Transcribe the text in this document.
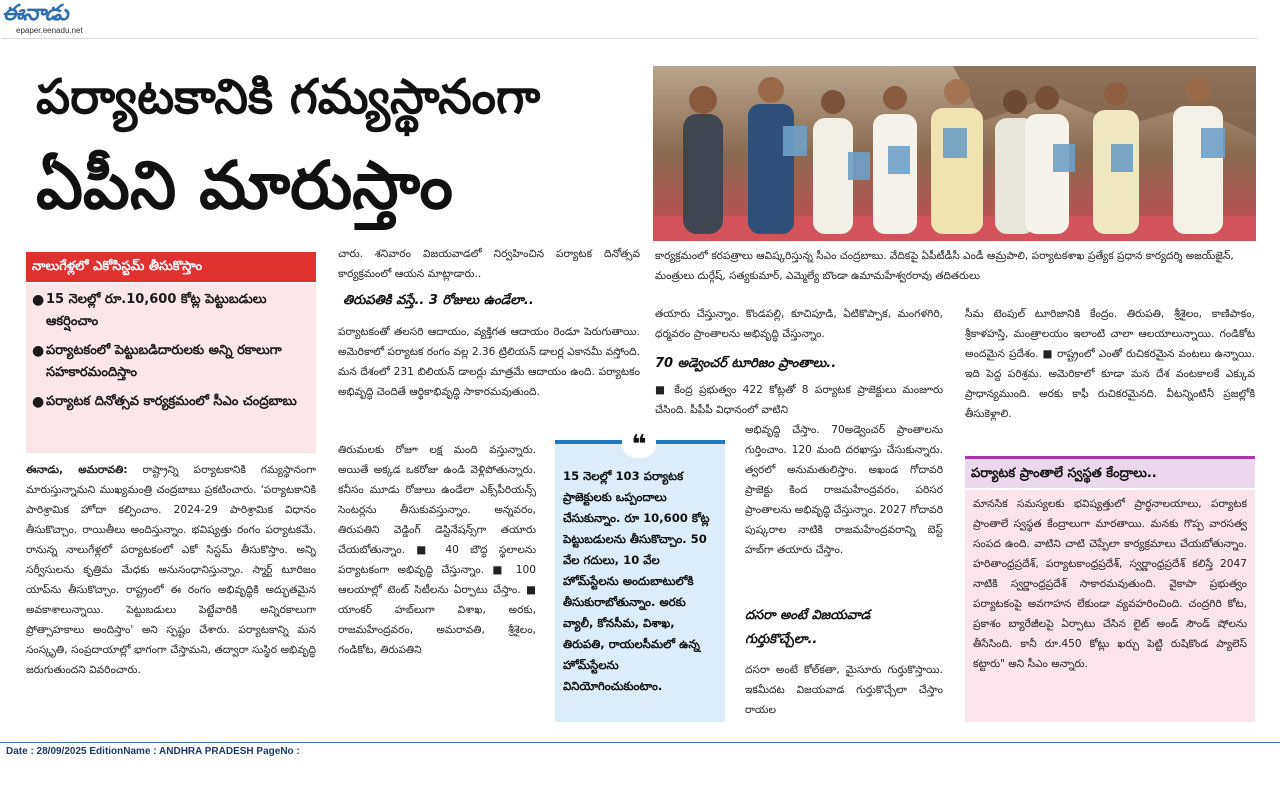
ఈనాడు
epaper.eenadu.net
పర్యాటకానికి గమ్యస్థానంగా
ఏపీని మారుస్తాం
కార్యక్రమంలో కరపత్రాలు ఆవిష్కరిస్తున్న సీఎం చంద్రబాబు. వేదికపై ఏపీటీడీసీ ఎండీ ఆమ్రపాలి, పర్యాటకశాఖ ప్రత్యేక ప్రధాన కార్యదర్శి అజయ్‌జైన్‌, మంత్రులు దుర్గేష్‌, సత్యకుమార్‌, ఎమ్మెల్యే బొండా ఉమామహేశ్వరరావు తదితరులు
నాలుగేళ్లలో ఎకోసిస్టమ్‌ తీసుకొస్తాం
● 15 నెలల్లో రూ.10,600 కోట్ల పెట్టుబడులు ఆకర్షించాం
● పర్యాటకంలో పెట్టుబడిదారులకు అన్ని రకాలుగా సహకారమందిస్తాం
● పర్యాటక దినోత్సవ కార్యక్రమంలో సీఎం చంద్రబాబు
ఈనాడు, అమరావతి: రాష్ట్రాన్ని పర్యాటకానికి గమ్యస్థానంగా మారుస్తున్నామని ముఖ్యమంత్రి చంద్రబాబు ప్రకటించారు. 'పర్యాటకానికి పారిశ్రామిక హోదా కల్పించాం. 2024-29 పారిశ్రామిక విధానం తీసుకొచ్చాం. రాయితీలు అందిస్తున్నాం. భవిష్యత్తు రంగం పర్యాటకమే. రానున్న నాలుగేళ్లలో పర్యాటకంలో ఎకో సిస్టమ్‌ తీసుకొస్తాం. అన్ని సర్వీసులను కృత్రిమ మేధకు అనుసంధానిస్తున్నాం. స్మార్ట్‌ టూరిజం యాప్‌ను తీసుకొచ్చాం. రాష్ట్రంలో ఈ రంగం అభివృద్ధికి అద్భుతమైన అవకాశాలున్నాయి. పెట్టుబడులు పెట్టేవారికి అన్నిరకాలుగా ప్రోత్సాహకాలు అందిస్తాం' అని స్పష్టం చేశారు. పర్యాటకాన్ని మన సంస్కృతి, సంప్రదాయాల్లో భాగంగా చేస్తామని, తద్వారా సుస్థిర అభివృద్ధి జరుగుతుందని వివరించారు.
చారు. శనివారం విజయవాడలో నిర్వహించిన పర్యాటక దినోత్సవ కార్యక్రమంలో ఆయన మాట్లాడారు..
తిరుపతికి వస్తే.. 3 రోజులు ఉండేలా..
పర్యాటకంతో తలసరి ఆదాయం, వ్యక్తిగత ఆదాయం రెండూ పెరుగుతాయి. అమెరికాలో పర్యాటక రంగం వల్ల 2.36 ట్రిలియన్‌ డాలర్ల ఎకానమీ వస్తోంది. మన దేశంలో 231 బిలియన్‌ డాలర్లు మాత్రమే ఆదాయం ఉంది. పర్యాటకం అభివృద్ధి చెందితే ఆర్థికాభివృద్ధి సాకారమవుతుంది.
తిరుమలకు రోజూ లక్ష మంది వస్తున్నారు. అయితే అక్కడ ఒకరోజు ఉండి వెళ్లిపోతున్నారు. కనీసం మూడు రోజులు ఉండేలా ఎక్స్‌పీరియన్స్‌ సెంటర్లను తీసుకువస్తున్నాం. అన్నవరం, తిరుపతిని వెడ్డింగ్‌ డెస్టినేషన్స్‌గా తయారు చేయబోతున్నాం. ■ 40 బౌద్ధ స్థలాలను పర్యాటకంగా అభివృద్ధి చేస్తున్నాం. ■ 100 ఆలయాల్లో టెంట్‌ సిటీలను ఏర్పాటు చేస్తాం. ■ యాంకర్‌ హబ్‌లుగా విశాఖ, అరకు, రాజమహేంద్రవరం, అమరావతి, శ్రీశైలం, గండికోట, తిరుపతిని
15 నెలల్లో 103 పర్యాటక ప్రాజెక్టులకు ఒప్పందాలు చేసుకున్నాం. రూ 10,600 కోట్ల పెట్టుబడులను తీసుకొచ్చాం. 50 వేల గదులు, 10 వేల హోమ్‌స్టేలను అందుబాటులోకి తీసుకురాబోతున్నాం. అరకు వ్యాలీ, కోనసీమ, విశాఖ, తిరుపతి, రాయలసీమలో ఉన్న హోమ్‌స్టేలను వినియోగించుకుంటాం.
❝
తయారు చేస్తున్నాం. కొండపల్లి, కూచిపూడి, ఏటికొప్పాక, మంగళగిరి, ధర్మవరం ప్రాంతాలను అభివృద్ధి చేస్తున్నాం.
70 అడ్వెంచర్‌ టూరిజం ప్రాంతాలు..
■ కేంద్ర ప్రభుత్వం 422 కోట్లతో 8 పర్యాటక ప్రాజెక్టులు మంజూరు చేసింది. పీపీపీ విధానంలో వాటిని
అభివృద్ధి చేస్తాం. 70అడ్వెంచర్‌ ప్రాంతాలను గుర్తించాం. 120 మంది దరఖాస్తు చేసుకున్నారు. త్వరలో అనుమతులిస్తాం. అఖండ గోదావరి ప్రాజెక్టు కింద రాజమహేంద్రవరం, పరిసర ప్రాంతాలను అభివృద్ధి చేస్తున్నాం. 2027 గోదావరి పుష్కరాల నాటికి రాజమహేంద్రవరాన్ని బెస్ట్‌ హబ్‌గా తయారు చేస్తాం.
దసరా అంటే విజయవాడ గుర్తుకొచ్చేలా..
దసరా అంటే కోల్‌కతా, మైసూరు గుర్తుకొస్తాయి. ఇకమీదట విజయవాడ గుర్తుకొచ్చేలా చేస్తాం రాయల
సీమ టెంపుల్‌ టూరిజానికి కేంద్రం. తిరుపతి, శ్రీశైలం, కాణిపాకం, శ్రీకాళహస్తి, మంత్రాలయం ఇలాంటి చాలా ఆలయాలున్నాయి. గండికోట అందమైన ప్రదేశం. ■ రాష్ట్రంలో ఎంతో రుచికరమైన వంటలు ఉన్నాయి. ఇది పెద్ద పరిశ్రమ. అమెరికాలో కూడా మన దేశ వంటకాలకే ఎక్కువ ప్రాధాన్యముంది. అరకు కాఫీ రుచికరమైనది. వీటన్నింటినీ ప్రజల్లోకి తీసుకెళ్లాలి.
పర్యాటక ప్రాంతాలే స్వస్థత కేంద్రాలు..
మానసిక సమస్యలకు భవిష్యత్తులో ప్రార్థనాలయాలు, పర్యాటక ప్రాంతాలే స్వస్థత కేంద్రాలుగా మారతాయి. మనకు గొప్ప వారసత్వ సంపద ఉంది. వాటిని చాటి చెప్పేలా కార్యక్రమాలు చేయబోతున్నాం. హరితాంధ్రప్రదేశ్‌, పర్యాటకాంధ్రప్రదేశ్‌, స్వర్ణాంధ్రప్రదేశ్‌ కలిస్తే 2047 నాటికి స్వర్ణాంధ్రప్రదేశ్‌ సాకారమవుతుంది. వైకాపా ప్రభుత్వం పర్యాటకంపై అవగాహన లేకుండా వ్యవహరించింది. చంద్రగిరి కోట, ప్రకాశం బ్యారేజీలపై ఏర్పాటు చేసిన లైట్‌ అండ్‌ సౌండ్‌ షోలను తీసేసింది. కానీ రూ.450 కోట్లు ఖర్చు పెట్టి రుషికొండ ప్యాలెస్‌ కట్టారు" అని సీఎం అన్నారు.
Date : 28/09/2025 EditionName : ANDHRA PRADESH PageNo :
